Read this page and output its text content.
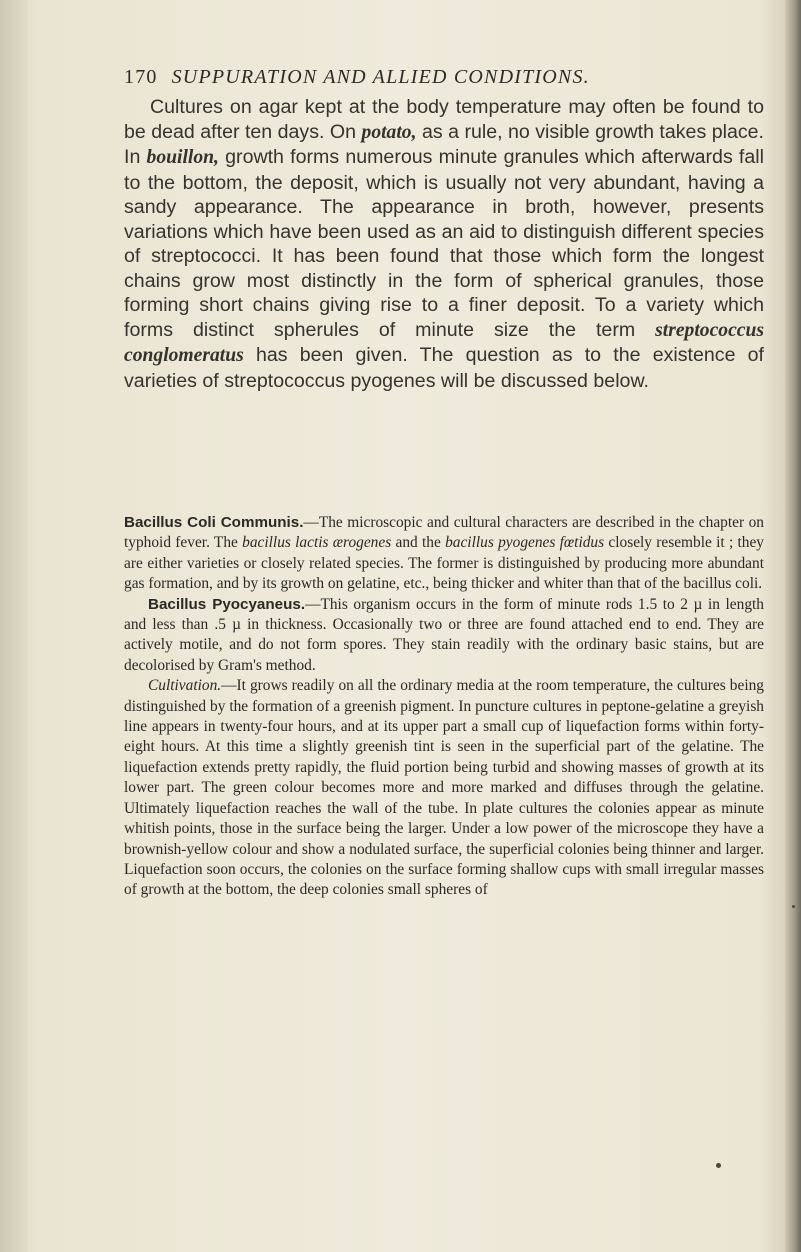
170 SUPPURATION AND ALLIED CONDITIONS.

Cultures on agar kept at the body temperature may often be found to be dead after ten days. On potato, as a rule, no visible growth takes place. In bouillon, growth forms numerous minute granules which afterwards fall to the bottom, the deposit, which is usually not very abundant, having a sandy appearance. The appearance in broth, however, presents variations which have been used as an aid to distinguish different species of streptococci. It has been found that those which form the longest chains grow most distinctly in the form of spherical granules, those forming short chains giving rise to a finer deposit. To a variety which forms distinct spherules of minute size the term streptococcus conglomeratus has been given. The question as to the existence of varieties of streptococcus pyogenes will be discussed below.

Bacillus Coli Communis.—The microscopic and cultural characters are described in the chapter on typhoid fever. The bacillus lactis ærogenes and the bacillus pyogenes fœtidus closely resemble it ; they are either varieties or closely related species. The former is distinguished by producing more abundant gas formation, and by its growth on gelatine, etc., being thicker and whiter than that of the bacillus coli.

Bacillus Pyocyaneus.—This organism occurs in the form of minute rods 1.5 to 2 µ in length and less than .5 µ in thickness. Occasionally two or three are found attached end to end. They are actively motile, and do not form spores. They stain readily with the ordinary basic stains, but are decolorised by Gram's method.

Cultivation.—It grows readily on all the ordinary media at the room temperature, the cultures being distinguished by the formation of a greenish pigment. In puncture cultures in peptone-gelatine a greyish line appears in twenty-four hours, and at its upper part a small cup of liquefaction forms within forty-eight hours. At this time a slightly greenish tint is seen in the superficial part of the gelatine. The liquefaction extends pretty rapidly, the fluid portion being turbid and showing masses of growth at its lower part. The green colour becomes more and more marked and diffuses through the gelatine. Ultimately liquefaction reaches the wall of the tube. In plate cultures the colonies appear as minute whitish points, those in the surface being the larger. Under a low power of the microscope they have a brownish-yellow colour and show a nodulated surface, the superficial colonies being thinner and larger. Liquefaction soon occurs, the colonies on the surface forming shallow cups with small irregular masses of growth at the bottom, the deep colonies small spheres of
